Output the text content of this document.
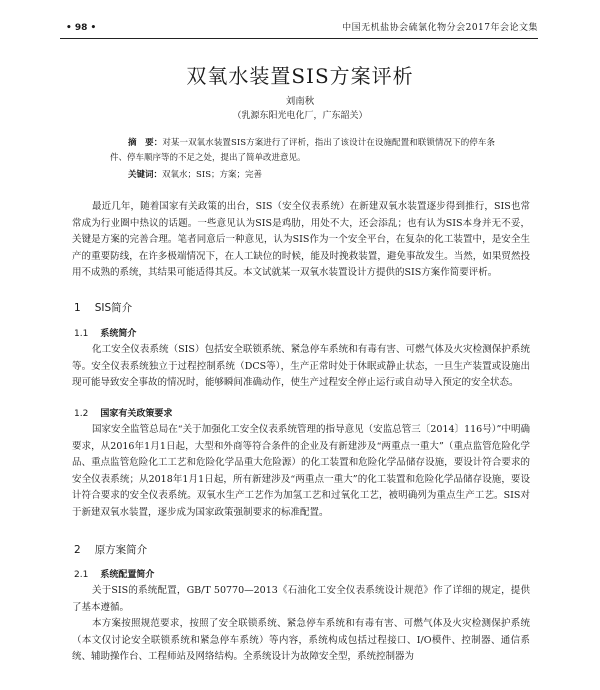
• 98 •	中国无机盐协会硫氯化物分会2017年会论文集
双氧水装置SIS方案评析
刘南秋
（乳源东阳光电化厂，广东韶关）
摘　要：对某一双氧水装置SIS方案进行了评析，指出了该设计在设施配置和联锁情况下的停车条件、停车顺序等的不足之处，提出了简单改进意见。
关键词：双氧水；SIS；方案；完善
最近几年，随着国家有关政策的出台，SIS（安全仪表系统）在新建双氧水装置逐步得到推行，SIS也常常成为行业圈中热议的话题。一些意见认为SIS是鸡肋，用处不大，还会添乱；也有认为SIS本身并无不妥，关键是方案的完善合理。笔者同意后一种意见，认为SIS作为一个安全平台，在复杂的化工装置中，是安全生产的重要防线，在许多极端情况下，在人工缺位的时候，能及时挽救装置，避免事故发生。当然，如果贸然投用不成熟的系统，其结果可能适得其反。本文试就某一双氧水装置设计方提供的SIS方案作简要评析。
1 SIS简介
1.1 系统简介
化工安全仪表系统（SIS）包括安全联锁系统、紧急停车系统和有毒有害、可燃气体及火灾检测保护系统等。安全仪表系统独立于过程控制系统（DCS等），生产正常时处于休眠或静止状态，一旦生产装置或设施出现可能导致安全事故的情况时，能够瞬间准确动作，使生产过程安全停止运行或自动导入预定的安全状态。
1.2 国家有关政策要求
国家安全监管总局在“关于加强化工安全仪表系统管理的指导意见（安监总管三〔2014〕116号）”中明确要求，从2016年1月1日起，大型和外商等符合条件的企业及有新建涉及“两重点一重大”（重点监管危险化学品、重点监管危险化工工艺和危险化学品重大危险源）的化工装置和危险化学品储存设施，要设计符合要求的安全仪表系统；从2018年1月1日起，所有新建涉及“两重点一重大”的化工装置和危险化学品储存设施，要设计符合要求的安全仪表系统。双氧水生产工艺作为加氢工艺和过氧化工艺，被明确列为重点生产工艺。SIS对于新建双氧水装置，逐步成为国家政策强制要求的标准配置。
2 原方案简介
2.1 系统配置简介
关于SIS的系统配置，GB/T 50770—2013《石油化工安全仪表系统设计规范》作了详细的规定，提供了基本遵循。
本方案按照规范要求，按照了安全联锁系统、紧急停车系统和有毒有害、可燃气体及火灾检测保护系统（本文仅讨论安全联锁系统和紧急停车系统）等内容，系统构成包括过程接口、I/O模件、控制器、通信系统、辅助操作台、工程师站及网络结构。全系统设计为故障安全型，系统控制器为
